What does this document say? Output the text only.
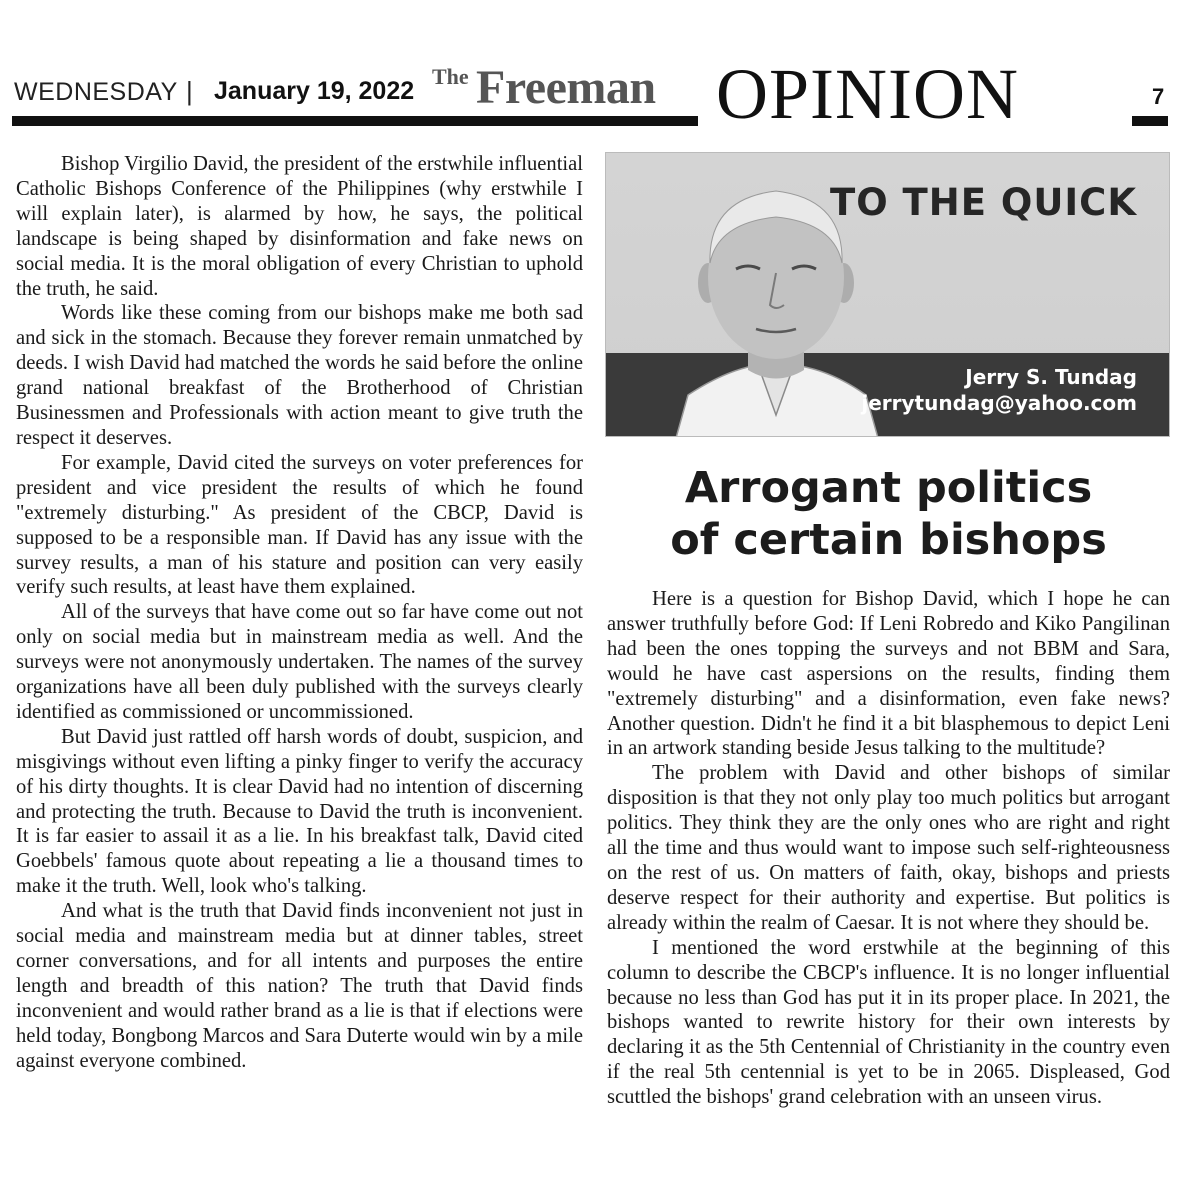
WEDNESDAY | January 19, 2022
The Freeman OPINION	7

Bishop Virgilio David, the president of the erstwhile influential Catholic Bishops Conference of the Philippines (why erstwhile I will explain later), is alarmed by how, he says, the political landscape is being shaped by disinformation and fake news on social media. It is the moral obligation of every Christian to uphold the truth, he said.

Words like these coming from our bishops make me both sad and sick in the stomach. Because they forever remain unmatched by deeds. I wish David had matched the words he said before the online grand national breakfast of the Brotherhood of Christian Businessmen and Professionals with action meant to give truth the respect it deserves.

For example, David cited the surveys on voter preferences for president and vice president the results of which he found "extremely disturbing." As president of the CBCP, David is supposed to be a responsible man. If David has any issue with the survey results, a man of his stature and position can very easily verify such results, at least have them explained.

All of the surveys that have come out so far have come out not only on social media but in mainstream media as well. And the surveys were not anonymously undertaken. The names of the survey organizations have all been duly published with the surveys clearly identified as commissioned or uncommissioned.

But David just rattled off harsh words of doubt, suspicion, and misgivings without even lifting a pinky finger to verify the accuracy of his dirty thoughts. It is clear David had no intention of discerning and protecting the truth. Because to David the truth is inconvenient. It is far easier to assail it as a lie. In his breakfast talk, David cited Goebbels' famous quote about repeating a lie a thousand times to make it the truth. Well, look who's talking.

And what is the truth that David finds inconvenient not just in social media and mainstream media but at dinner tables, street corner conversations, and for all intents and purposes the entire length and breadth of this nation? The truth that David finds inconvenient and would rather brand as a lie is that if elections were held today, Bongbong Marcos and Sara Duterte would win by a mile against everyone combined.

TO THE QUICK
Jerry S. Tundag
jerrytundag@yahoo.com
Arrogant politics
of certain bishops

Here is a question for Bishop David, which I hope he can answer truthfully before God: If Leni Robredo and Kiko Pangilinan had been the ones topping the surveys and not BBM and Sara, would he have cast aspersions on the results, finding them "extremely disturbing" and a disinformation, even fake news? Another question. Didn't he find it a bit blasphemous to depict Leni in an artwork standing beside Jesus talking to the multitude?

The problem with David and other bishops of similar disposition is that they not only play too much politics but arrogant politics. They think they are the only ones who are right and right all the time and thus would want to impose such self-righteousness on the rest of us. On matters of faith, okay, bishops and priests deserve respect for their authority and expertise. But politics is already within the realm of Caesar. It is not where they should be.

I mentioned the word erstwhile at the beginning of this column to describe the CBCP's influence. It is no longer influential because no less than God has put it in its proper place. In 2021, the bishops wanted to rewrite history for their own interests by declaring it as the 5th Centennial of Christianity in the country even if the real 5th centennial is yet to be in 2065. Displeased, God scuttled the bishops' grand celebration with an unseen virus.
